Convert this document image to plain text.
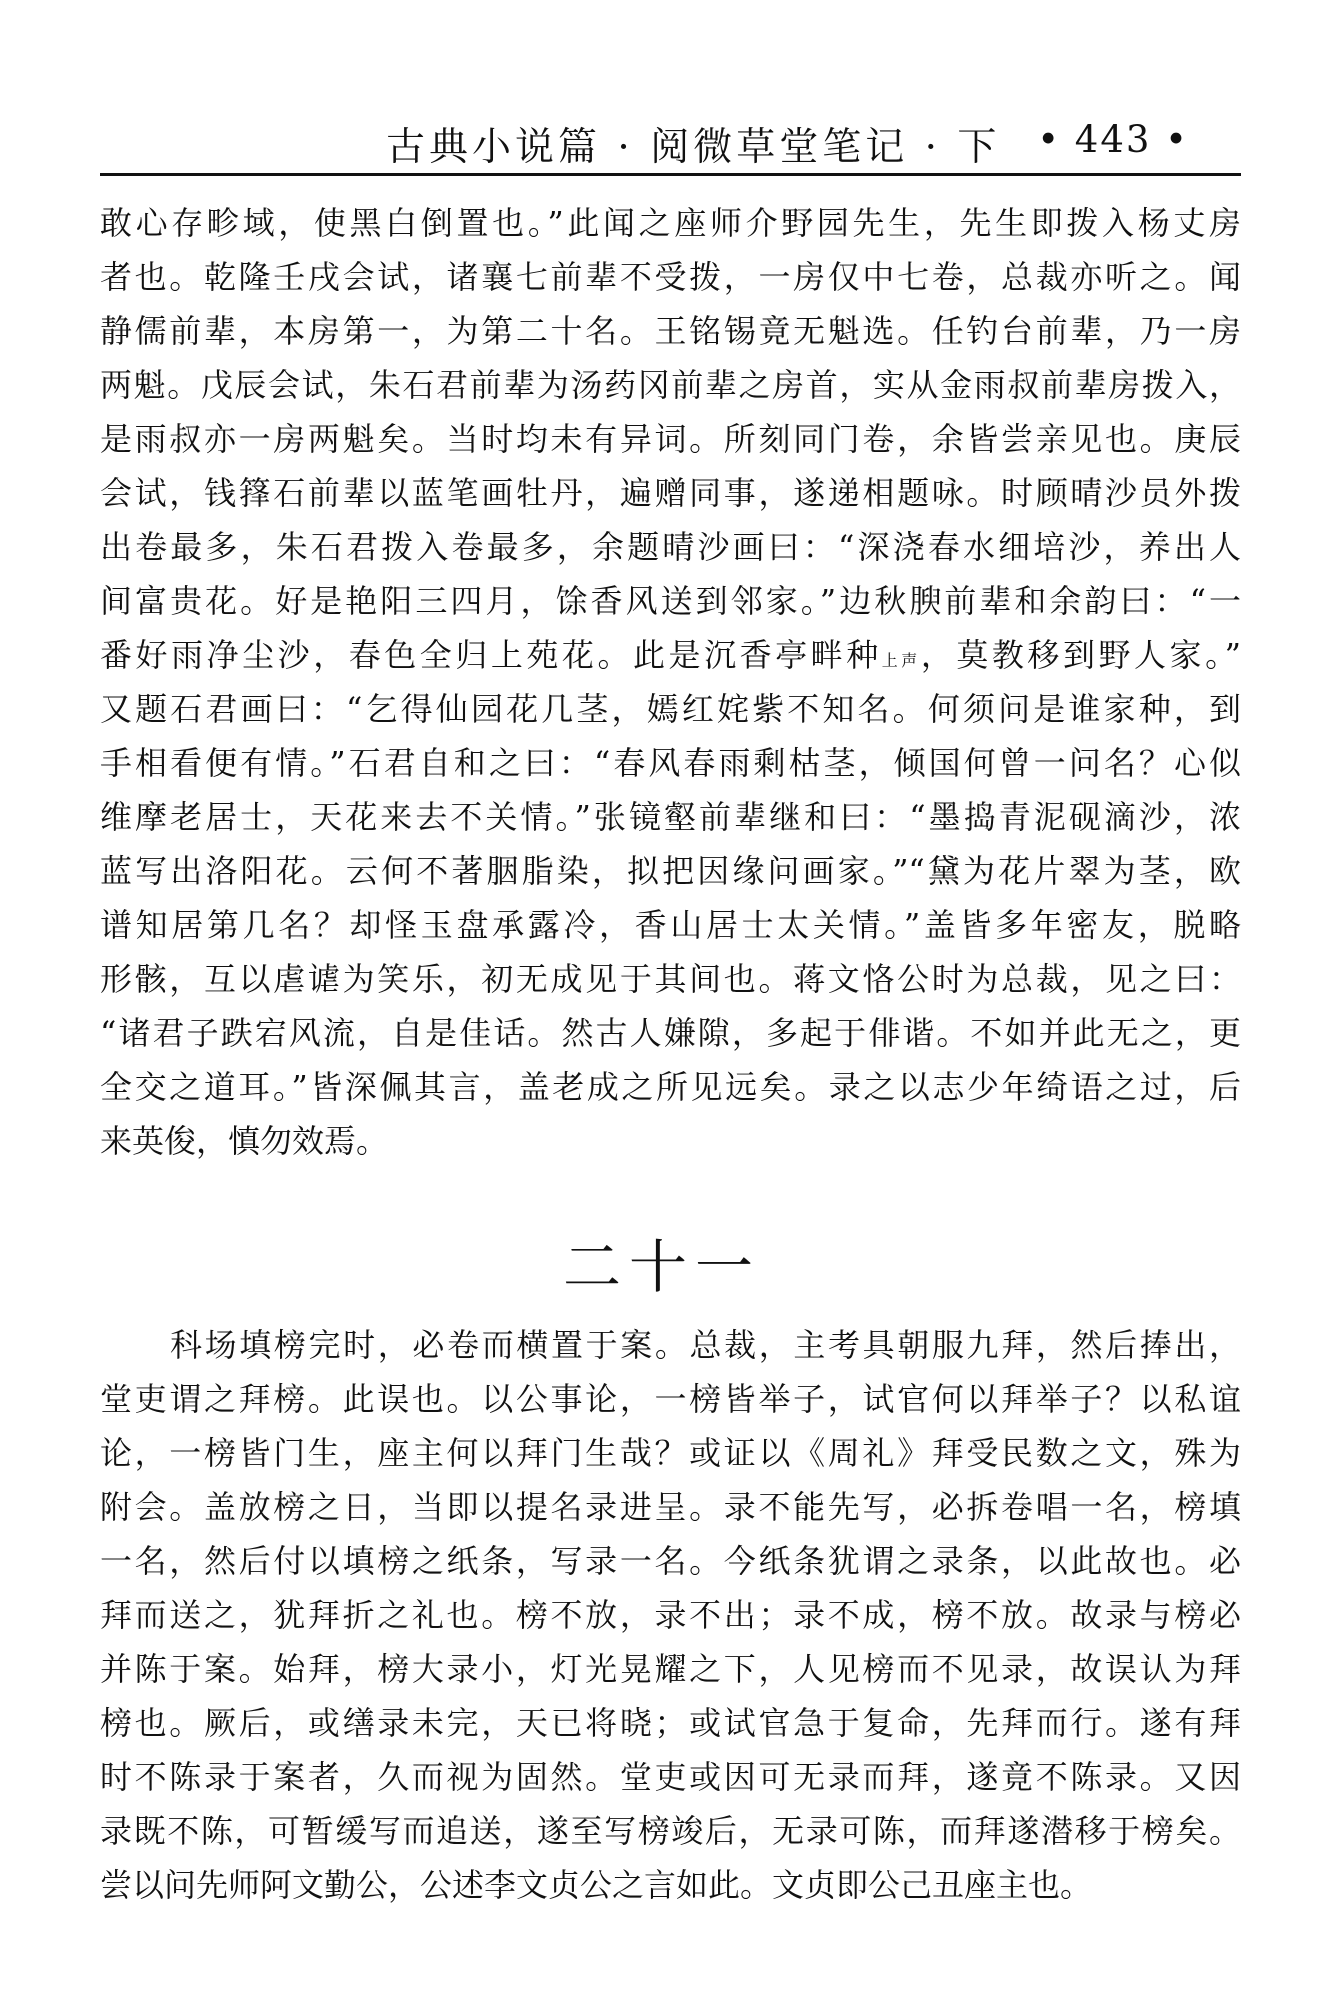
古典小说篇 · 阅微草堂笔记 · 下 • 443 •
敢心存畛域，使黑白倒置也。”此闻之座师介野园先生，先生即拨入杨丈房
者也。乾隆壬戌会试，诸襄七前辈不受拨，一房仅中七卷，总裁亦听之。闻
静儒前辈，本房第一，为第二十名。王铭锡竟无魁选。任钓台前辈，乃一房
两魁。戊辰会试，朱石君前辈为汤药冈前辈之房首，实从金雨叔前辈房拨入，
是雨叔亦一房两魁矣。当时均未有异词。所刻同门卷，余皆尝亲见也。庚辰
会试，钱箨石前辈以蓝笔画牡丹，遍赠同事，遂递相题咏。时顾晴沙员外拨
出卷最多，朱石君拨入卷最多，余题晴沙画曰：“深浇春水细培沙，养出人
间富贵花。好是艳阳三四月，馀香风送到邻家。”边秋腴前辈和余韵曰：“一
番好雨净尘沙，春色全归上苑花。此是沉香亭畔种上声，莫教移到野人家。”
又题石君画曰：“乞得仙园花几茎，嫣红姹紫不知名。何须问是谁家种，到
手相看便有情。”石君自和之曰：“春风春雨剩枯茎，倾国何曾一问名？心似
维摩老居士，天花来去不关情。”张镜壑前辈继和曰：“墨捣青泥砚滴沙，浓
蓝写出洛阳花。云何不著胭脂染，拟把因缘问画家。”“黛为花片翠为茎，欧
谱知居第几名？却怪玉盘承露冷，香山居士太关情。”盖皆多年密友，脱略
形骸，互以虐谑为笑乐，初无成见于其间也。蒋文恪公时为总裁，见之曰：
“诸君子跌宕风流，自是佳话。然古人嫌隙，多起于俳谐。不如并此无之，更
全交之道耳。”皆深佩其言，盖老成之所见远矣。录之以志少年绮语之过，后
来英俊，慎勿效焉。
二十一
科场填榜完时，必卷而横置于案。总裁，主考具朝服九拜，然后捧出，
堂吏谓之拜榜。此误也。以公事论，一榜皆举子，试官何以拜举子？以私谊
论，一榜皆门生，座主何以拜门生哉？或证以《周礼》拜受民数之文，殊为
附会。盖放榜之日，当即以提名录进呈。录不能先写，必拆卷唱一名，榜填
一名，然后付以填榜之纸条，写录一名。今纸条犹谓之录条，以此故也。必
拜而送之，犹拜折之礼也。榜不放，录不出；录不成，榜不放。故录与榜必
并陈于案。始拜，榜大录小，灯光晃耀之下，人见榜而不见录，故误认为拜
榜也。厥后，或缮录未完，天已将晓；或试官急于复命，先拜而行。遂有拜
时不陈录于案者，久而视为固然。堂吏或因可无录而拜，遂竟不陈录。又因
录既不陈，可暂缓写而追送，遂至写榜竣后，无录可陈，而拜遂潜移于榜矣。
尝以问先师阿文勤公，公述李文贞公之言如此。文贞即公己丑座主也。
